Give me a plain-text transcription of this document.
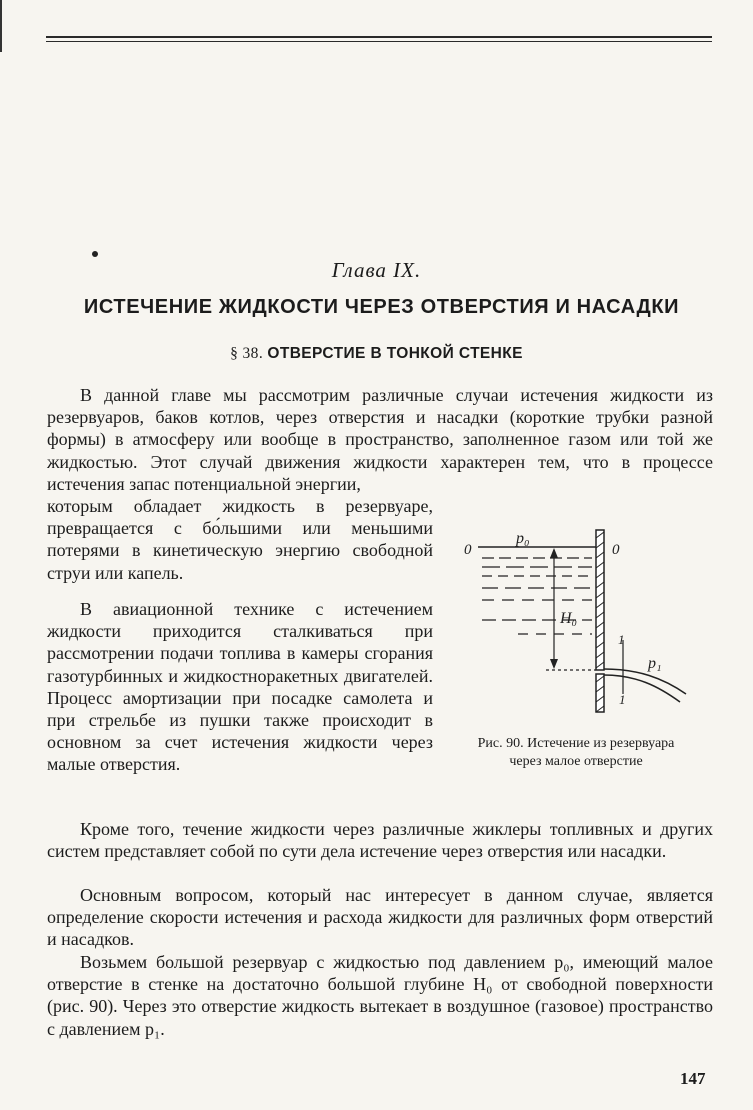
Глава IX.
ИСТЕЧЕНИЕ ЖИДКОСТИ ЧЕРЕЗ ОТВЕРСТИЯ И НАСАДКИ
§ 38. ОТВЕРСТИЕ В ТОНКОЙ СТЕНКЕ

В данной главе мы рассмотрим различные случаи истечения жидкости из резервуаров, баков котлов, через отверстия и насадки (короткие трубки разной формы) в атмосферу или вообще в пространство, заполненное газом или той же жидкостью. Этот случай движения жидкости характерен тем, что в процессе истечения запас потенциальной энергии,

которым обладает жидкость в резервуаре, превращается с бо́льшими или меньшими потерями в кинетическую энергию свободной струи или капель.

В авиационной технике с истечением жидкости приходится сталкиваться при рассмотрении подачи топлива в камеры сгорания газотурбинных и жидкостноракетных двигателей. Процесс амортизации при посадке самолета и при стрельбе из пушки также происходит в основном за счет истечения жидкости через малые отверстия.

Кроме того, течение жидкости через различные жиклеры топливных и других систем представляет собой по сути дела истечение через отверстия или насадки.

Основным вопросом, который нас интересует в данном случае, является определение скорости истечения и расхода жидкости для различных форм отверстий и насадков.

Возьмем большой резервуар с жидкостью под давлением p₀, имеющий малое отверстие в стенке на достаточно большой глубине H₀ от свободной поверхности (рис. 90). Через это отверстие жидкость вытекает в воздушное (газовое) пространство с давлением p₁.

p₀
0	0
H₀
1
1
p₁
Рис. 90. Истечение из резервуара через малое отверстие
147
